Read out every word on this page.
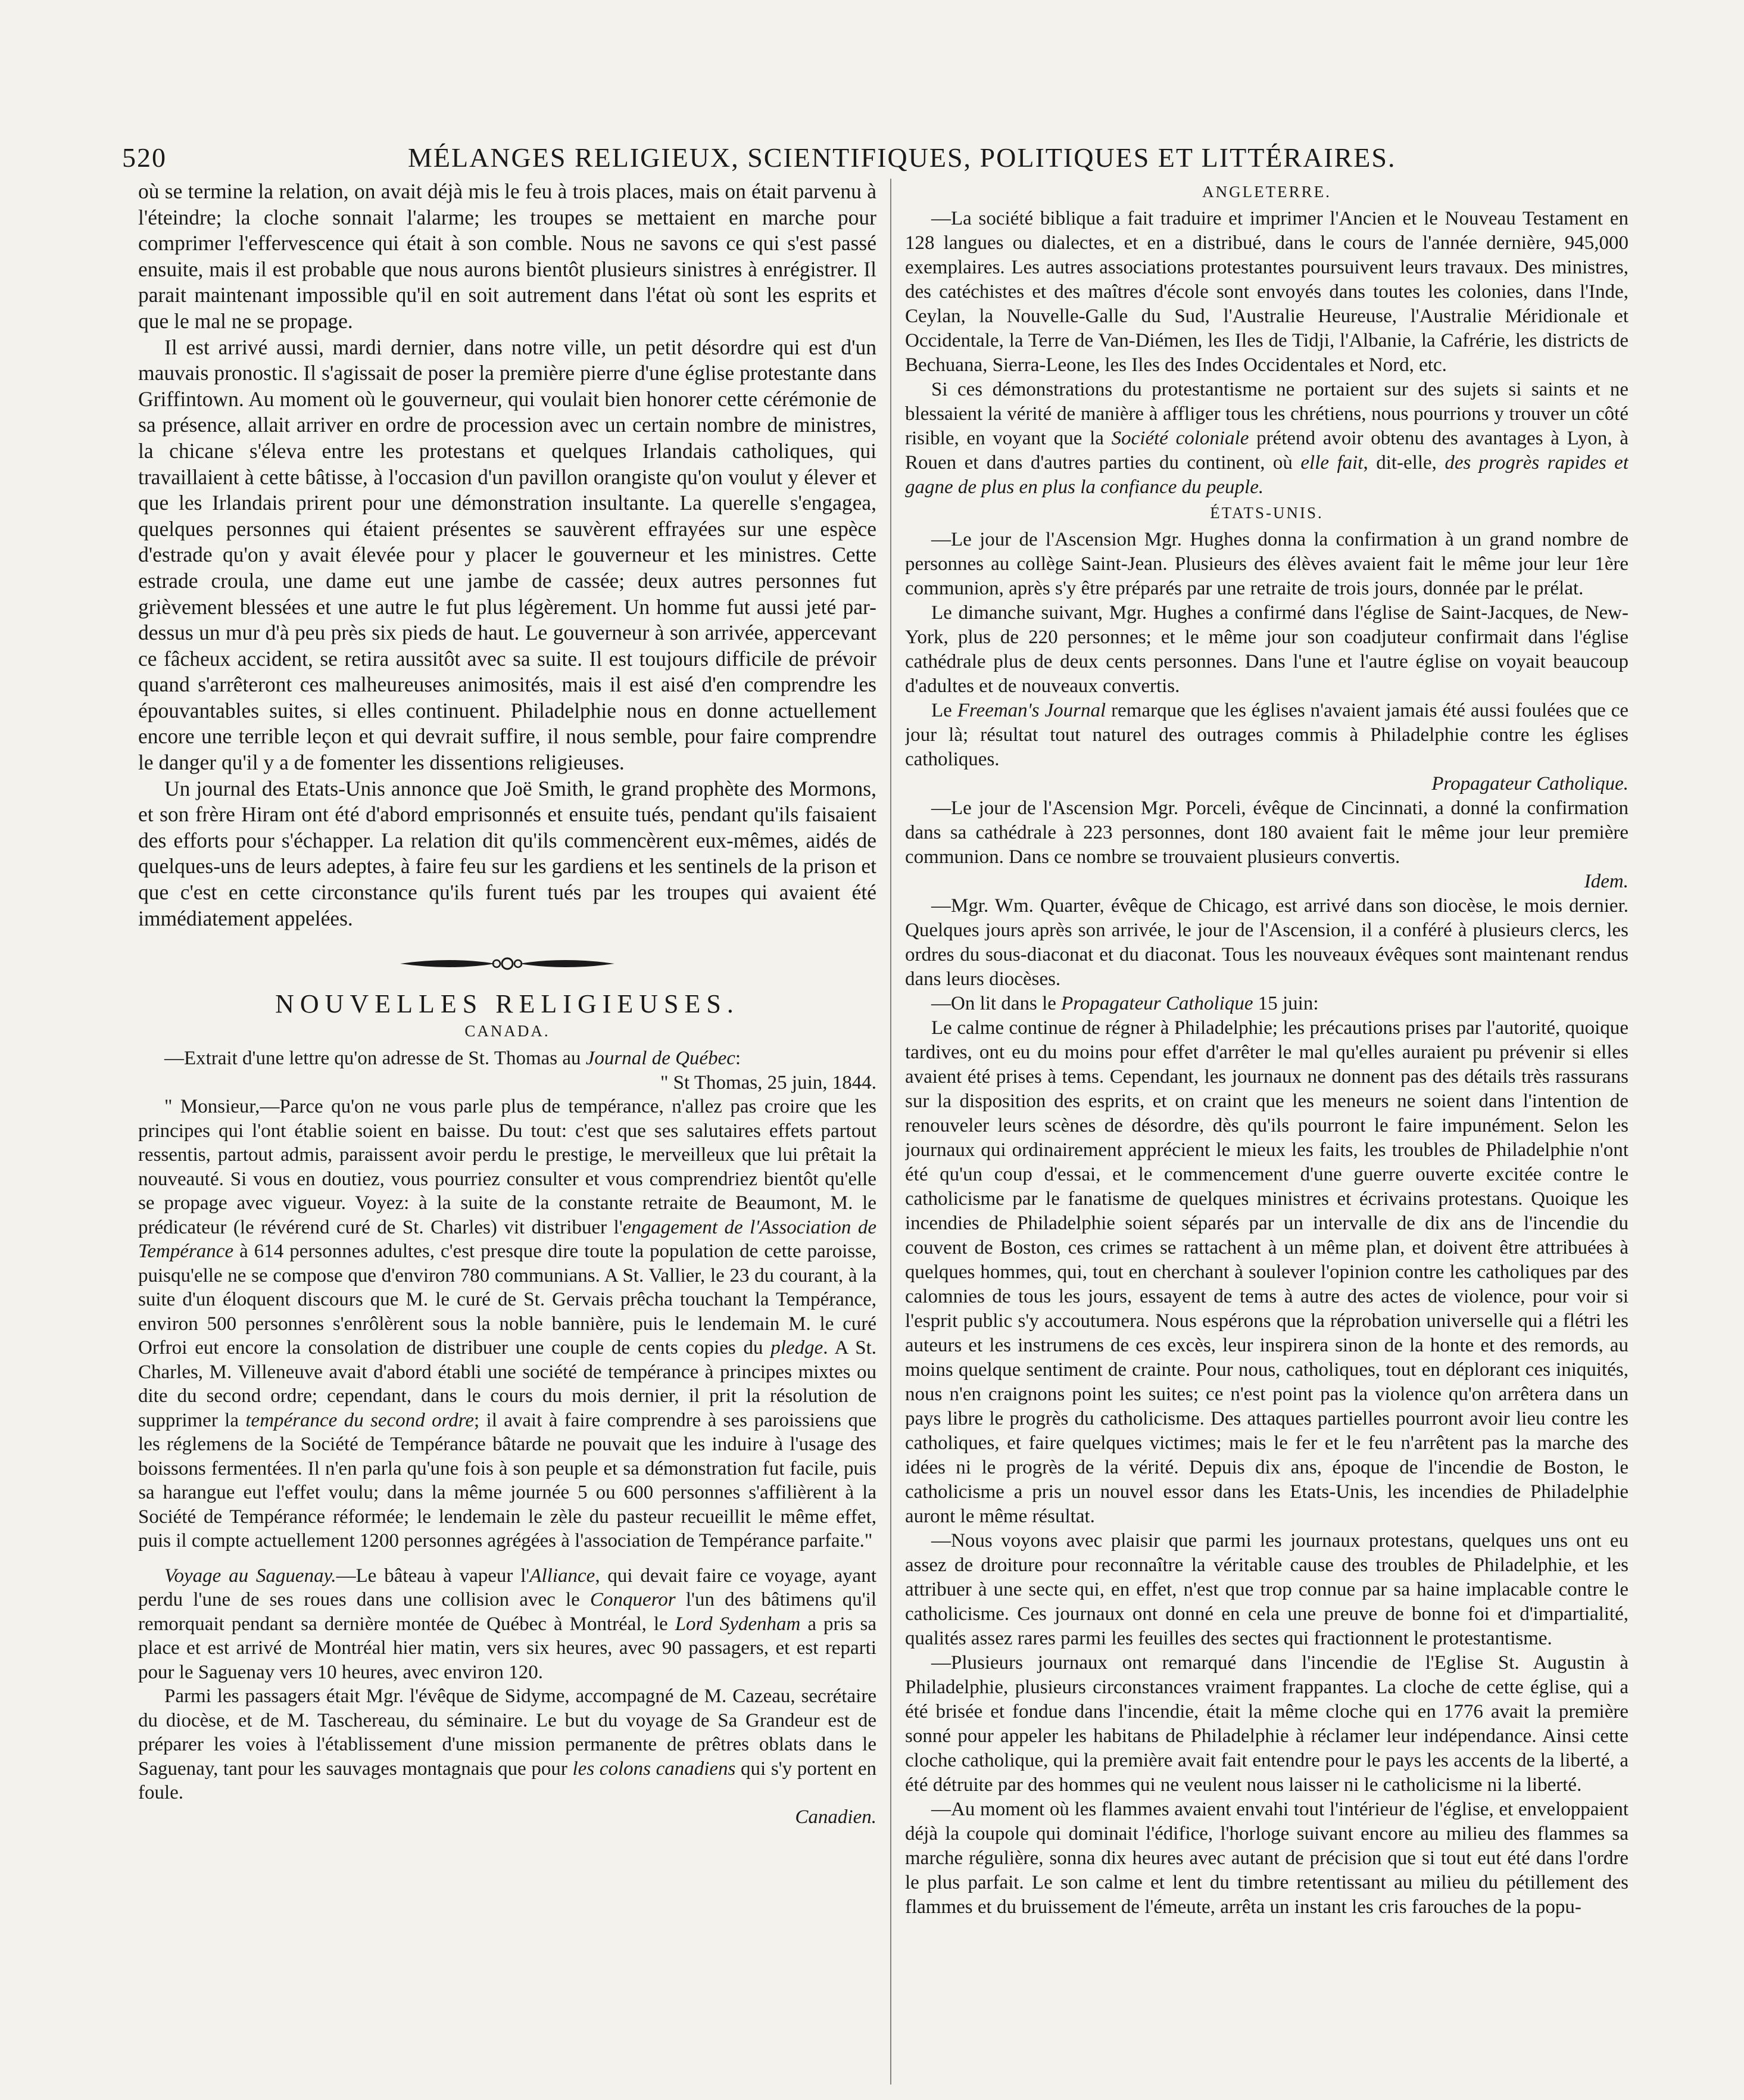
520	MÉLANGES RELIGIEUX, SCIENTIFIQUES, POLITIQUES ET LITTÉRAIRES.

où se termine la relation, on avait déjà mis le feu à trois places, mais on était parvenu à l'éteindre; la cloche sonnait l'alarme; les troupes se mettaient en marche pour comprimer l'effervescence qui était à son comble. Nous ne savons ce qui s'est passé ensuite, mais il est probable que nous aurons bientôt plusieurs sinistres à enrégistrer. Il parait maintenant impossible qu'il en soit autrement dans l'état où sont les esprits et que le mal ne se propage.

Il est arrivé aussi, mardi dernier, dans notre ville, un petit désordre qui est d'un mauvais pronostic. Il s'agissait de poser la première pierre d'une église protestante dans Griffintown. Au moment où le gouverneur, qui voulait bien honorer cette cérémonie de sa présence, allait arriver en ordre de procession avec un certain nombre de ministres, la chicane s'éleva entre les protestans et quelques Irlandais catholiques, qui travaillaient à cette bâtisse, à l'occasion d'un pavillon orangiste qu'on voulut y élever et que les Irlandais prirent pour une démonstration insultante. La querelle s'engagea, quelques personnes qui étaient présentes se sauvèrent effrayées sur une espèce d'estrade qu'on y avait élevée pour y placer le gouverneur et les ministres. Cette estrade croula, une dame eut une jambe de cassée; deux autres personnes fut grièvement blessées et une autre le fut plus légèrement. Un homme fut aussi jeté par-dessus un mur d'à peu près six pieds de haut. Le gouverneur à son arrivée, appercevant ce fâcheux accident, se retira aussitôt avec sa suite. Il est toujours difficile de prévoir quand s'arrêteront ces malheureuses animosités, mais il est aisé d'en comprendre les épouvantables suites, si elles continuent. Philadelphie nous en donne actuellement encore une terrible leçon et qui devrait suffire, il nous semble, pour faire comprendre le danger qu'il y a de fomenter les dissentions religieuses.

Un journal des Etats-Unis annonce que Joë Smith, le grand prophète des Mormons, et son frère Hiram ont été d'abord emprisonnés et ensuite tués, pendant qu'ils faisaient des efforts pour s'échapper. La relation dit qu'ils commencèrent eux-mêmes, aidés de quelques-uns de leurs adeptes, à faire feu sur les gardiens et les sentinels de la prison et que c'est en cette circonstance qu'ils furent tués par les troupes qui avaient été immédiatement appelées.

NOUVELLES RELIGIEUSES.
CANADA.

—Extrait d'une lettre qu'on adresse de St. Thomas au Journal de Québec:

" St Thomas, 25 juin, 1844.

" Monsieur,—Parce qu'on ne vous parle plus de tempérance, n'allez pas croire que les principes qui l'ont établie soient en baisse. Du tout: c'est que ses salutaires effets partout ressentis, partout admis, paraissent avoir perdu le prestige, le merveilleux que lui prêtait la nouveauté. Si vous en doutiez, vous pourriez consulter et vous comprendriez bientôt qu'elle se propage avec vigueur. Voyez: à la suite de la constante retraite de Beaumont, M. le prédicateur (le révérend curé de St. Charles) vit distribuer l'engagement de l'Association de Tempérance à 614 personnes adultes, c'est presque dire toute la population de cette paroisse, puisqu'elle ne se compose que d'environ 780 communians. A St. Vallier, le 23 du courant, à la suite d'un éloquent discours que M. le curé de St. Gervais prêcha touchant la Tempérance, environ 500 personnes s'enrôlèrent sous la noble bannière, puis le lendemain M. le curé Orfroi eut encore la consolation de distribuer une couple de cents copies du pledge. A St. Charles, M. Villeneuve avait d'abord établi une société de tempérance à principes mixtes ou dite du second ordre; cependant, dans le cours du mois dernier, il prit la résolution de supprimer la tempérance du second ordre; il avait à faire comprendre à ses paroissiens que les réglemens de la Société de Tempérance bâtarde ne pouvait que les induire à l'usage des boissons fermentées. Il n'en parla qu'une fois à son peuple et sa démonstration fut facile, puis sa harangue eut l'effet voulu; dans la même journée 5 ou 600 personnes s'affilièrent à la Société de Tempérance réformée; le lendemain le zèle du pasteur recueillit le même effet, puis il compte actuellement 1200 personnes agrégées à l'association de Tempérance parfaite."

Voyage au Saguenay.—Le bâteau à vapeur l'Alliance, qui devait faire ce voyage, ayant perdu l'une de ses roues dans une collision avec le Conqueror l'un des bâtimens qu'il remorquait pendant sa dernière montée de Québec à Montréal, le Lord Sydenham a pris sa place et est arrivé de Montréal hier matin, vers six heures, avec 90 passagers, et est reparti pour le Saguenay vers 10 heures, avec environ 120.

Parmi les passagers était Mgr. l'évêque de Sidyme, accompagné de M. Cazeau, secrétaire du diocèse, et de M. Taschereau, du séminaire. Le but du voyage de Sa Grandeur est de préparer les voies à l'établissement d'une mission permanente de prêtres oblats dans le Saguenay, tant pour les sauvages montagnais que pour les colons canadiens qui s'y portent en foule.

Canadien.

ANGLETERRE.

—La société biblique a fait traduire et imprimer l'Ancien et le Nouveau Testament en 128 langues ou dialectes, et en a distribué, dans le cours de l'année dernière, 945,000 exemplaires. Les autres associations protestantes poursuivent leurs travaux. Des ministres, des catéchistes et des maîtres d'école sont envoyés dans toutes les colonies, dans l'Inde, Ceylan, la Nouvelle-Galle du Sud, l'Australie Heureuse, l'Australie Méridionale et Occidentale, la Terre de Van-Diémen, les Iles de Tidji, l'Albanie, la Cafrérie, les districts de Bechuana, Sierra-Leone, les Iles des Indes Occidentales et Nord, etc.

Si ces démonstrations du protestantisme ne portaient sur des sujets si saints et ne blessaient la vérité de manière à affliger tous les chrétiens, nous pourrions y trouver un côté risible, en voyant que la Société coloniale prétend avoir obtenu des avantages à Lyon, à Rouen et dans d'autres parties du continent, où elle fait, dit-elle, des progrès rapides et gagne de plus en plus la confiance du peuple.

ÉTATS-UNIS.

—Le jour de l'Ascension Mgr. Hughes donna la confirmation à un grand nombre de personnes au collège Saint-Jean. Plusieurs des élèves avaient fait le même jour leur 1ère communion, après s'y être préparés par une retraite de trois jours, donnée par le prélat.

Le dimanche suivant, Mgr. Hughes a confirmé dans l'église de Saint-Jacques, de New-York, plus de 220 personnes; et le même jour son coadjuteur confirmait dans l'église cathédrale plus de deux cents personnes. Dans l'une et l'autre église on voyait beaucoup d'adultes et de nouveaux convertis.

Le Freeman's Journal remarque que les églises n'avaient jamais été aussi foulées que ce jour là; résultat tout naturel des outrages commis à Philadelphie contre les églises catholiques.

Propagateur Catholique.

—Le jour de l'Ascension Mgr. Porceli, évêque de Cincinnati, a donné la confirmation dans sa cathédrale à 223 personnes, dont 180 avaient fait le même jour leur première communion. Dans ce nombre se trouvaient plusieurs convertis.

Idem.

—Mgr. Wm. Quarter, évêque de Chicago, est arrivé dans son diocèse, le mois dernier. Quelques jours après son arrivée, le jour de l'Ascension, il a conféré à plusieurs clercs, les ordres du sous-diaconat et du diaconat. Tous les nouveaux évêques sont maintenant rendus dans leurs diocèses.

—On lit dans le Propagateur Catholique 15 juin:

Le calme continue de régner à Philadelphie; les précautions prises par l'autorité, quoique tardives, ont eu du moins pour effet d'arrêter le mal qu'elles auraient pu prévenir si elles avaient été prises à tems. Cependant, les journaux ne donnent pas des détails très rassurans sur la disposition des esprits, et on craint que les meneurs ne soient dans l'intention de renouveler leurs scènes de désordre, dès qu'ils pourront le faire impunément. Selon les journaux qui ordinairement apprécient le mieux les faits, les troubles de Philadelphie n'ont été qu'un coup d'essai, et le commencement d'une guerre ouverte excitée contre le catholicisme par le fanatisme de quelques ministres et écrivains protestans. Quoique les incendies de Philadelphie soient séparés par un intervalle de dix ans de l'incendie du couvent de Boston, ces crimes se rattachent à un même plan, et doivent être attribuées à quelques hommes, qui, tout en cherchant à soulever l'opinion contre les catholiques par des calomnies de tous les jours, essayent de tems à autre des actes de violence, pour voir si l'esprit public s'y accoutumera. Nous espérons que la réprobation universelle qui a flétri les auteurs et les instrumens de ces excès, leur inspirera sinon de la honte et des remords, au moins quelque sentiment de crainte. Pour nous, catholiques, tout en déplorant ces iniquités, nous n'en craignons point les suites; ce n'est point pas la violence qu'on arrêtera dans un pays libre le progrès du catholicisme. Des attaques partielles pourront avoir lieu contre les catholiques, et faire quelques victimes; mais le fer et le feu n'arrêtent pas la marche des idées ni le progrès de la vérité. Depuis dix ans, époque de l'incendie de Boston, le catholicisme a pris un nouvel essor dans les Etats-Unis, les incendies de Philadelphie auront le même résultat.

—Nous voyons avec plaisir que parmi les journaux protestans, quelques uns ont eu assez de droiture pour reconnaître la véritable cause des troubles de Philadelphie, et les attribuer à une secte qui, en effet, n'est que trop connue par sa haine implacable contre le catholicisme. Ces journaux ont donné en cela une preuve de bonne foi et d'impartialité, qualités assez rares parmi les feuilles des sectes qui fractionnent le protestantisme.

—Plusieurs journaux ont remarqué dans l'incendie de l'Eglise St. Augustin à Philadelphie, plusieurs circonstances vraiment frappantes. La cloche de cette église, qui a été brisée et fondue dans l'incendie, était la même cloche qui en 1776 avait la première sonné pour appeler les habitans de Philadelphie à réclamer leur indépendance. Ainsi cette cloche catholique, qui la première avait fait entendre pour le pays les accents de la liberté, a été détruite par des hommes qui ne veulent nous laisser ni le catholicisme ni la liberté.

—Au moment où les flammes avaient envahi tout l'intérieur de l'église, et enveloppaient déjà la coupole qui dominait l'édifice, l'horloge suivant encore au milieu des flammes sa marche régulière, sonna dix heures avec autant de précision que si tout eut été dans l'ordre le plus parfait. Le son calme et lent du timbre retentissant au milieu du pétillement des flammes et du bruissement de l'émeute, arrêta un instant les cris farouches de la popu-
